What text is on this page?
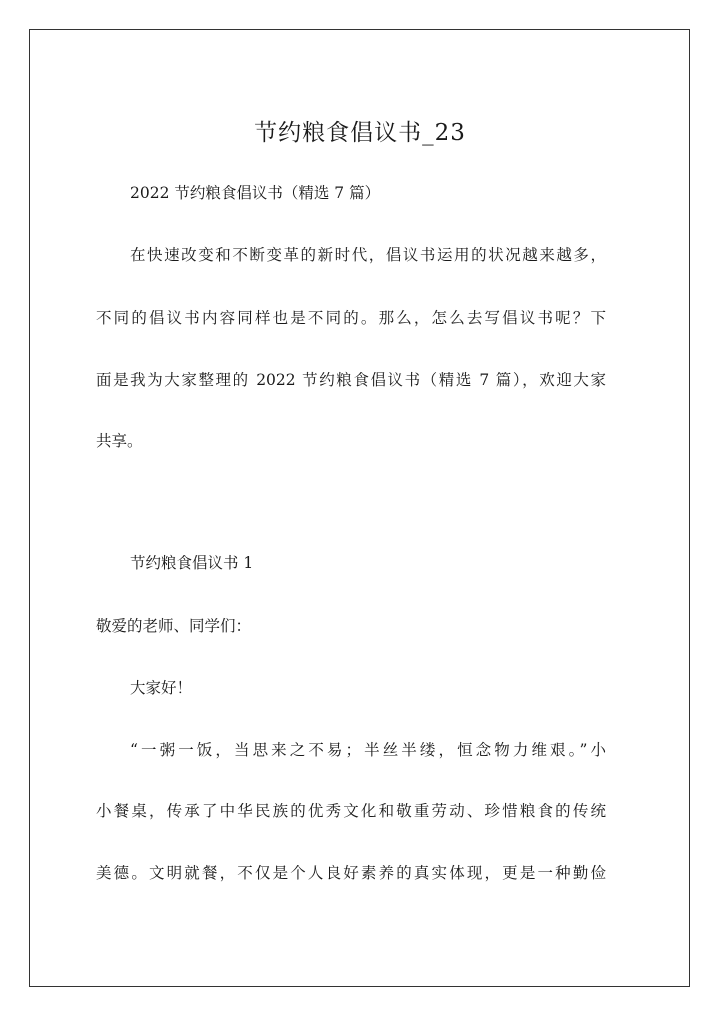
节约粮食倡议书_23
2022 节约粮食倡议书（精选 7 篇）
在快速改变和不断变革的新时代，倡议书运用的状况越来越多，
不同的倡议书内容同样也是不同的。那么，怎么去写倡议书呢？下
面是我为大家整理的 2022 节约粮食倡议书（精选 7 篇），欢迎大家
共享。
节约粮食倡议书 1
敬爱的老师、同学们：
大家好！
“一粥一饭，当思来之不易；半丝半缕，恒念物力维艰。”小
小餐桌，传承了中华民族的优秀文化和敬重劳动、珍惜粮食的传统
美德。文明就餐，不仅是个人良好素养的真实体现，更是一种勤俭
